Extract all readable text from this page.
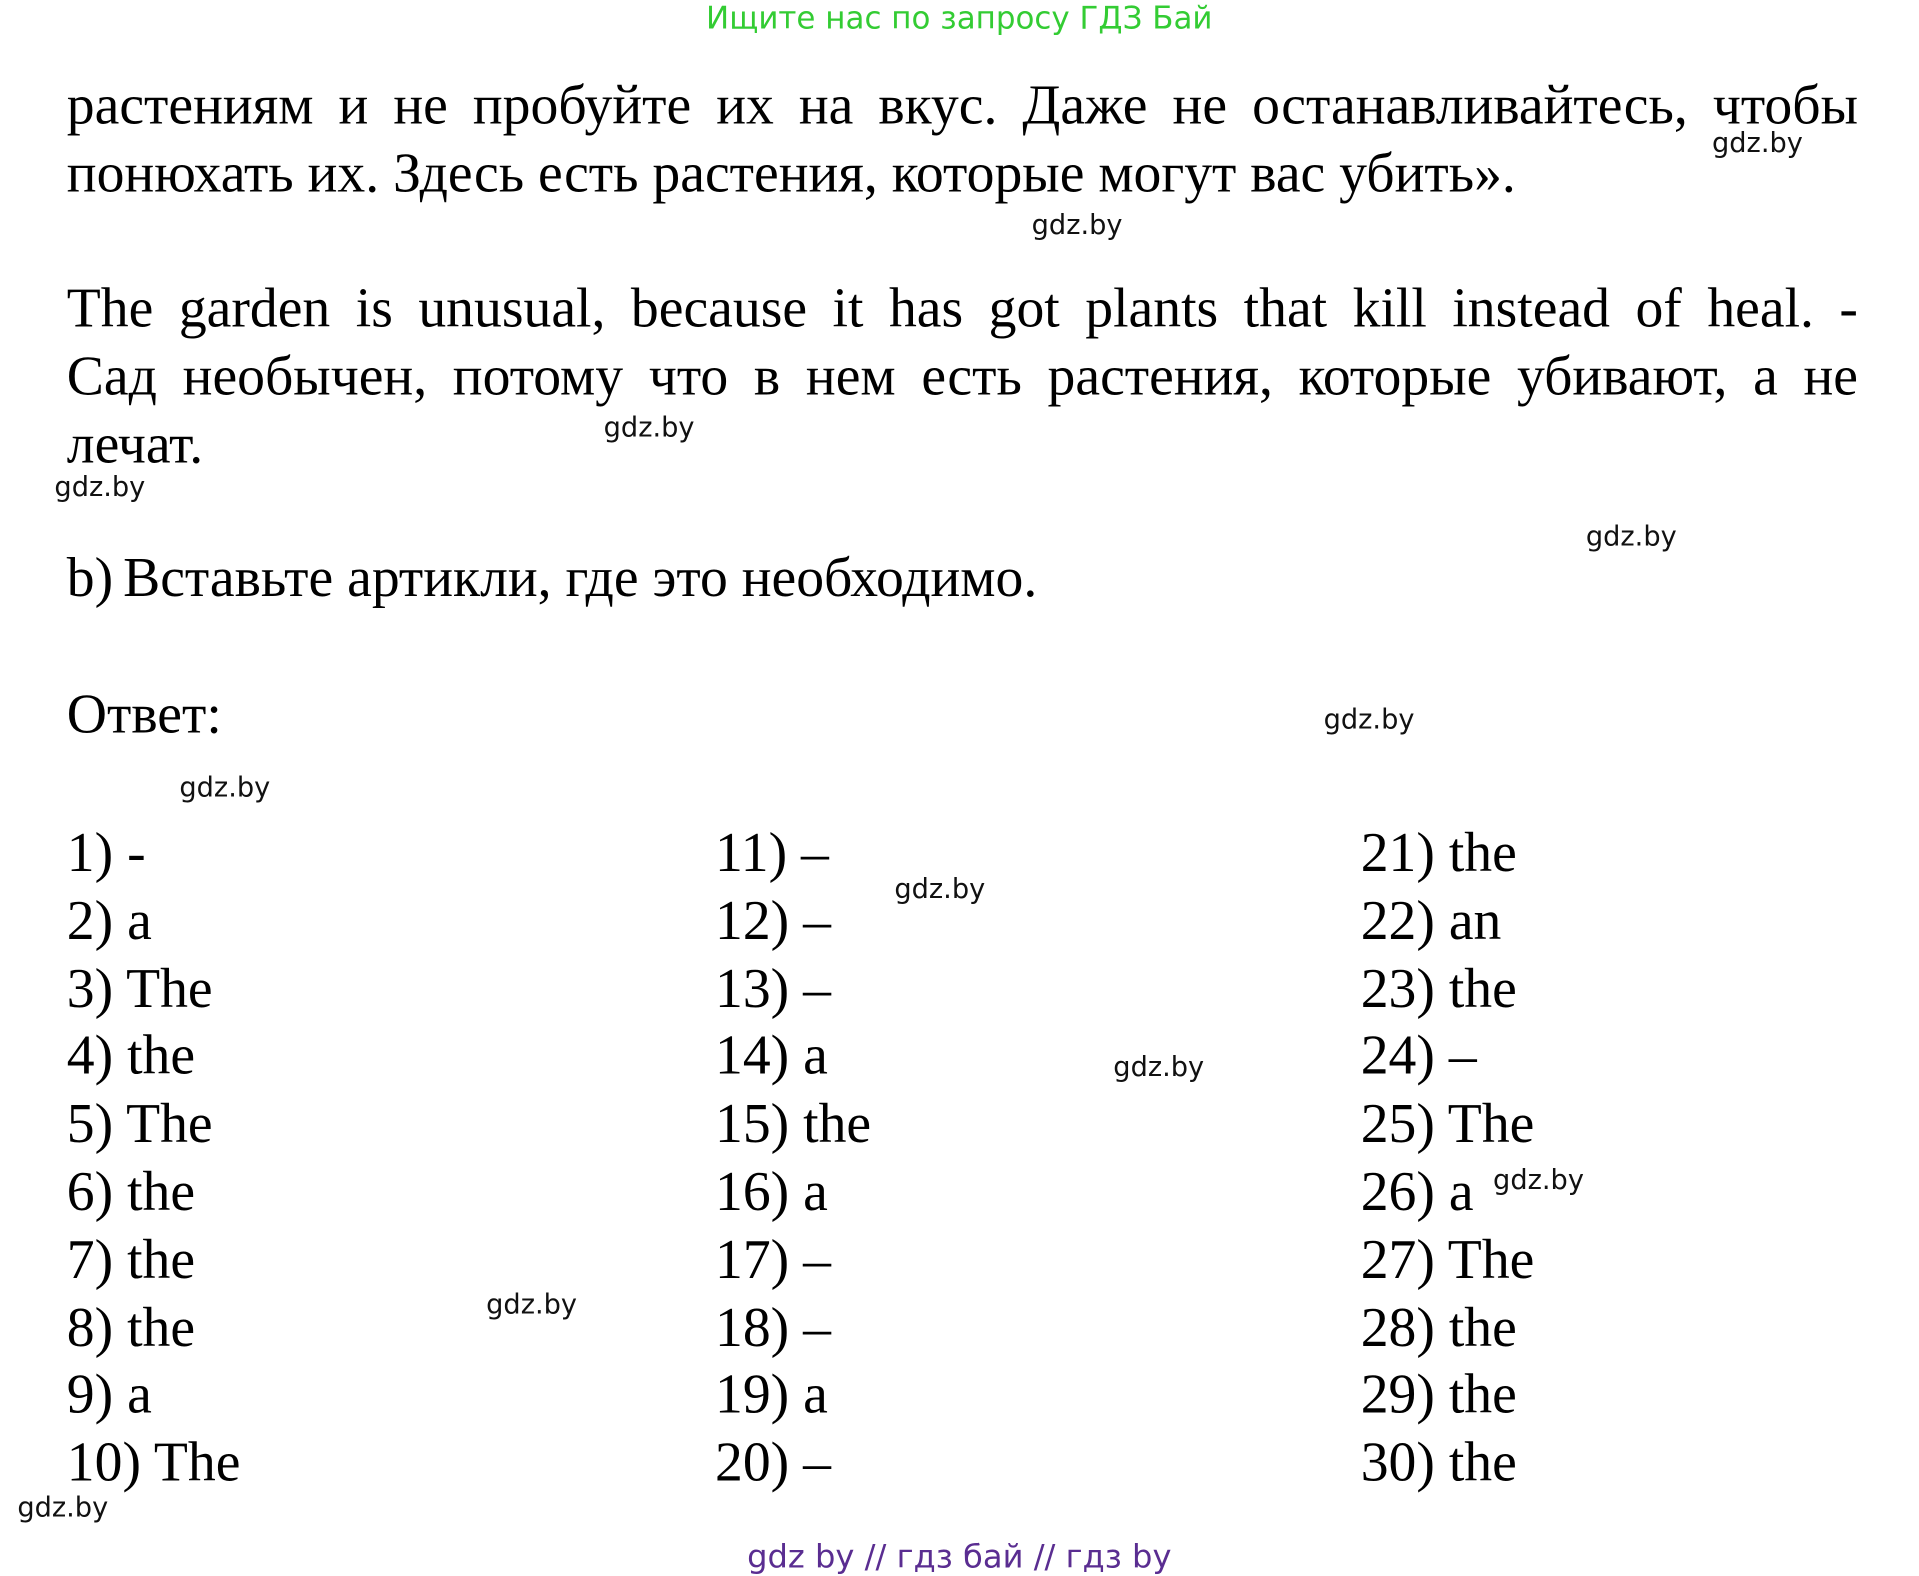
Ищите нас по запросу ГДЗ Бай
растениям и не пробуйте их на вкус. Даже не останавливайтесь, чтобы
понюхать их. Здесь есть растения, которые могут вас убить».
The garden is unusual, because it has got plants that kill instead of heal. -
Сад необычен, потому что в нем есть растения, которые убивают, а не
лечат.
b) Вставьте артикли, где это необходимо.
Ответ:
1) -
2) a
3) The
4) the
5) The
6) the
7) the
8) the
9) a
10) The
11) –
12) –
13) –
14) a
15) the
16) a
17) –
18) –
19) a
20) –
21) the
22) an
23) the
24) –
25) The
26) a
27) The
28) the
29) the
30) the
gdz.by
gdz.by
gdz.by
gdz.by
gdz.by
gdz.by
gdz.by
gdz.by
gdz.by
gdz.by
gdz.by
gdz.by
gdz by // гдз бай // гдз by
